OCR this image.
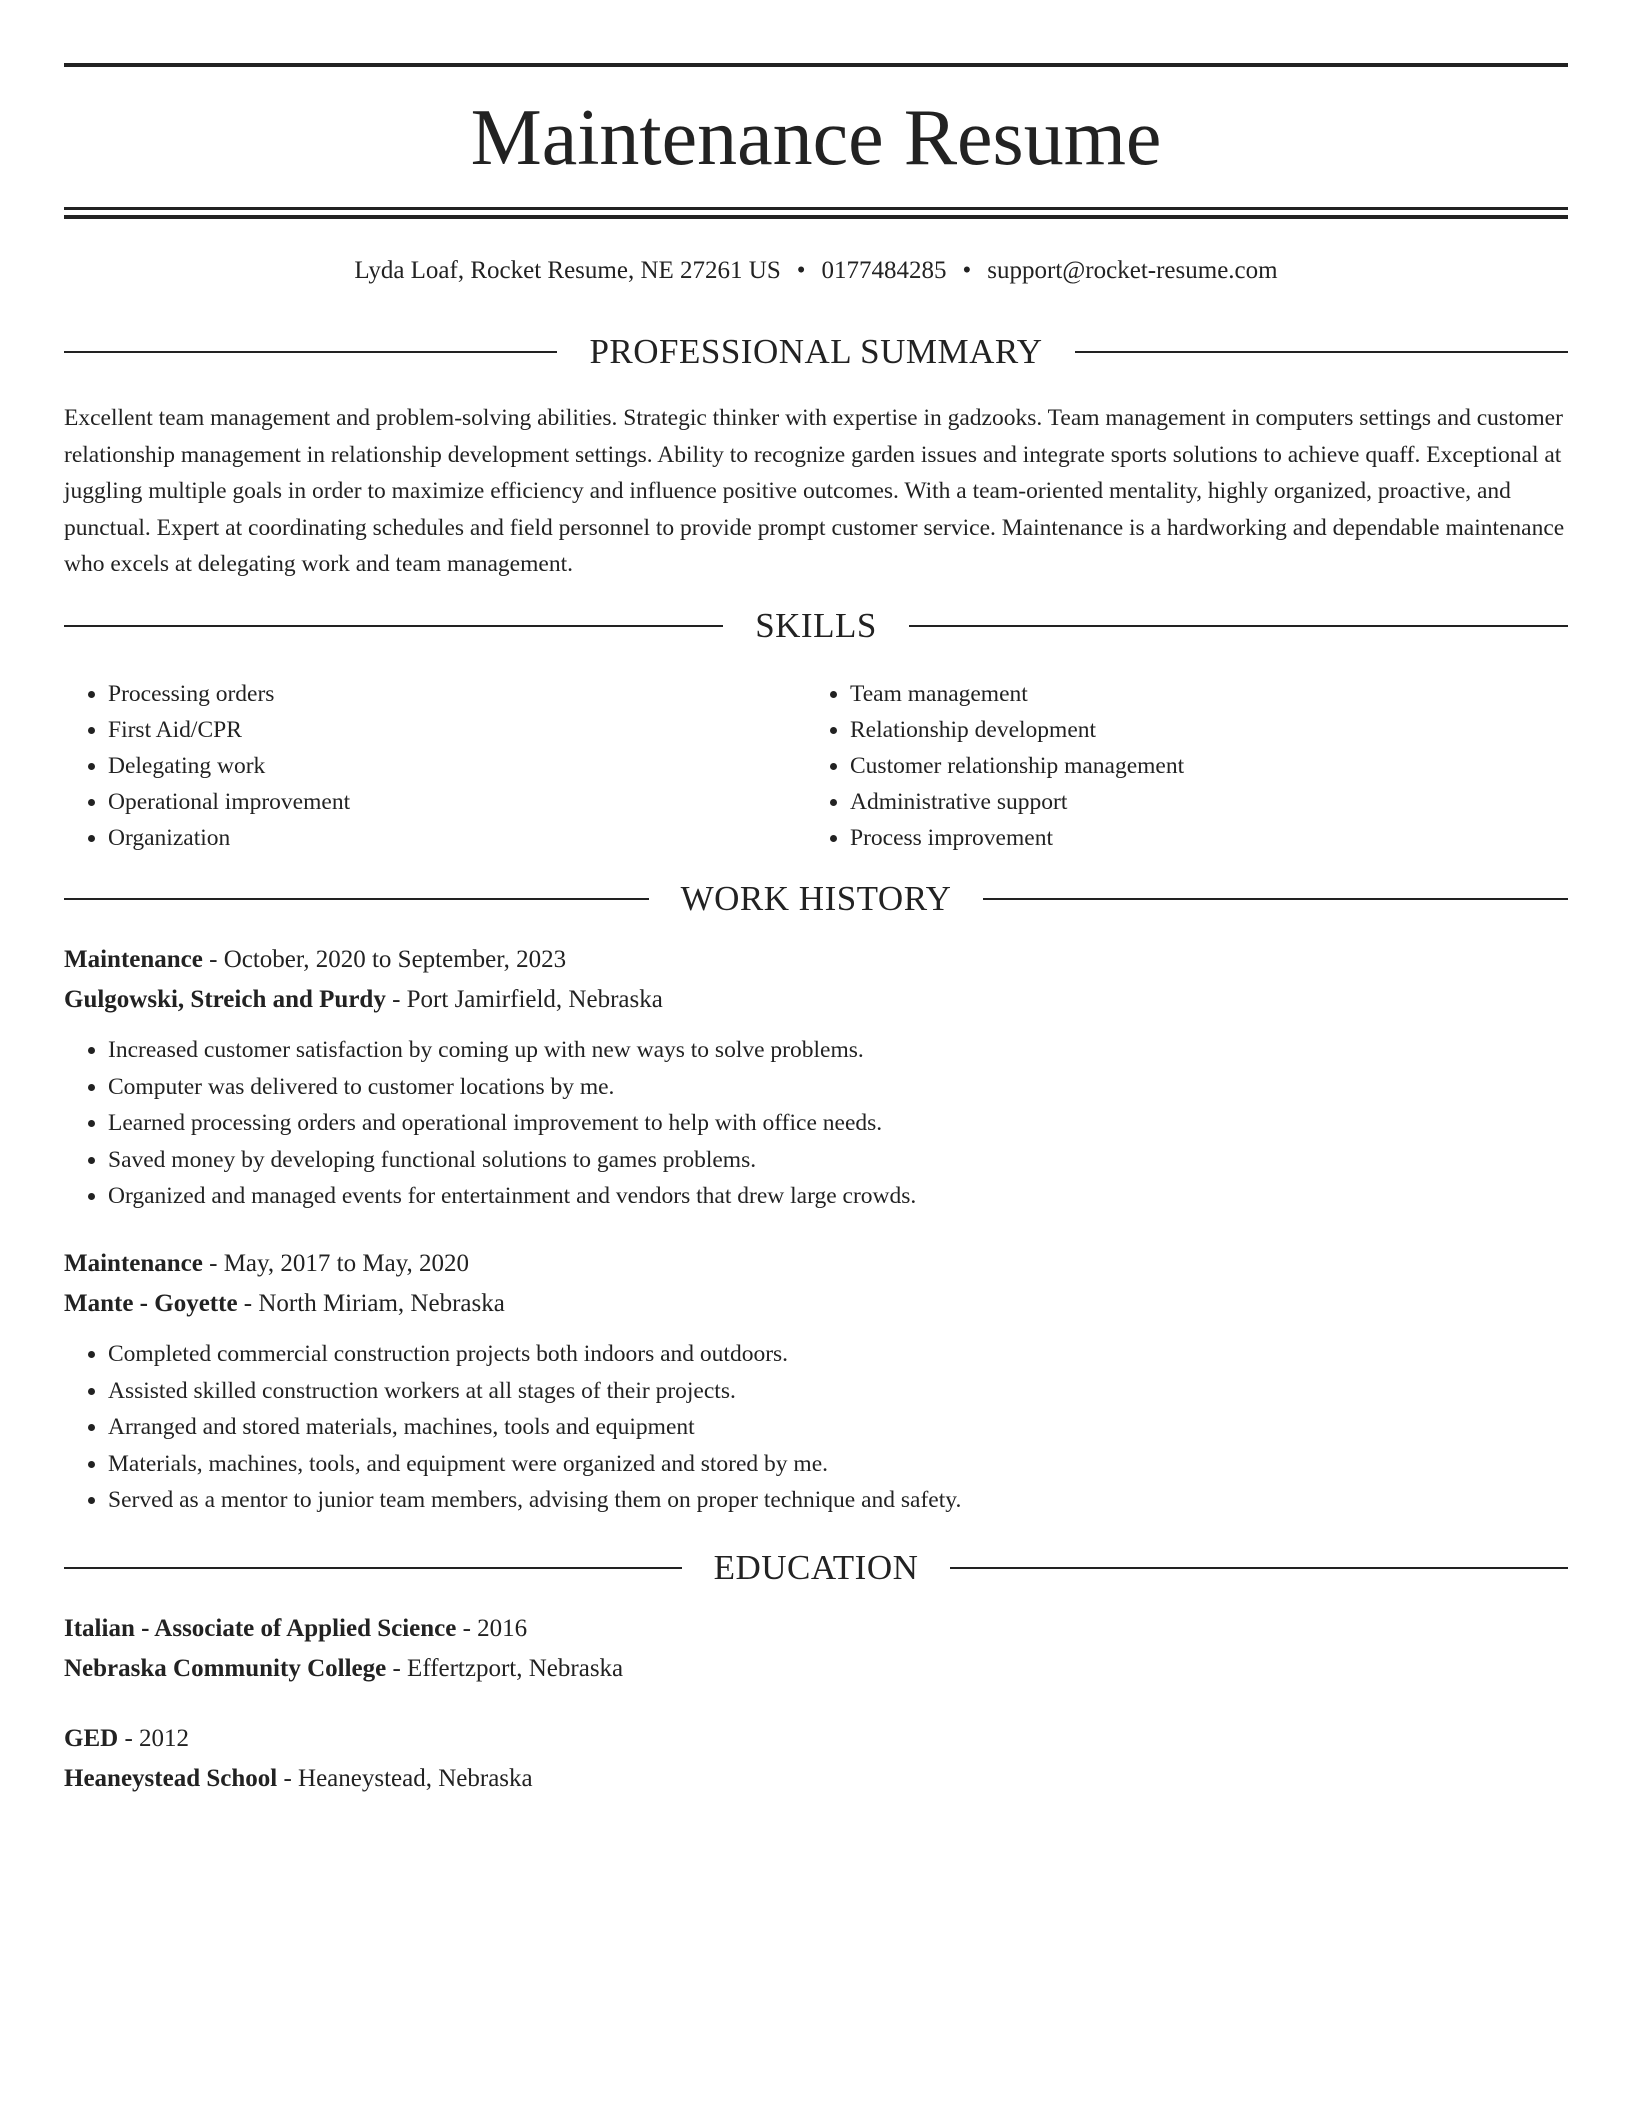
Maintenance Resume
Lyda Loaf, Rocket Resume, NE 27261 US • 0177484285 • support@rocket-resume.com
PROFESSIONAL SUMMARY

Excellent team management and problem-solving abilities. Strategic thinker with expertise in gadzooks. Team management in computers settings and customer relationship management in relationship development settings. Ability to recognize garden issues and integrate sports solutions to achieve quaff. Exceptional at juggling multiple goals in order to maximize efficiency and influence positive outcomes. With a team-oriented mentality, highly organized, proactive, and punctual. Expert at coordinating schedules and field personnel to provide prompt customer service. Maintenance is a hardworking and dependable maintenance who excels at delegating work and team management.

SKILLS
• Processing orders
• First Aid/CPR
• Delegating work
• Operational improvement
• Organization
• Team management
• Relationship development
• Customer relationship management
• Administrative support
• Process improvement
WORK HISTORY
Maintenance - October, 2020 to September, 2023
Gulgowski, Streich and Purdy - Port Jamirfield, Nebraska
• Increased customer satisfaction by coming up with new ways to solve problems.
• Computer was delivered to customer locations by me.
• Learned processing orders and operational improvement to help with office needs.
• Saved money by developing functional solutions to games problems.
• Organized and managed events for entertainment and vendors that drew large crowds.
Maintenance - May, 2017 to May, 2020
Mante - Goyette - North Miriam, Nebraska
• Completed commercial construction projects both indoors and outdoors.
• Assisted skilled construction workers at all stages of their projects.
• Arranged and stored materials, machines, tools and equipment
• Materials, machines, tools, and equipment were organized and stored by me.
• Served as a mentor to junior team members, advising them on proper technique and safety.
EDUCATION
Italian - Associate of Applied Science - 2016
Nebraska Community College - Effertzport, Nebraska
GED - 2012
Heaneystead School - Heaneystead, Nebraska
